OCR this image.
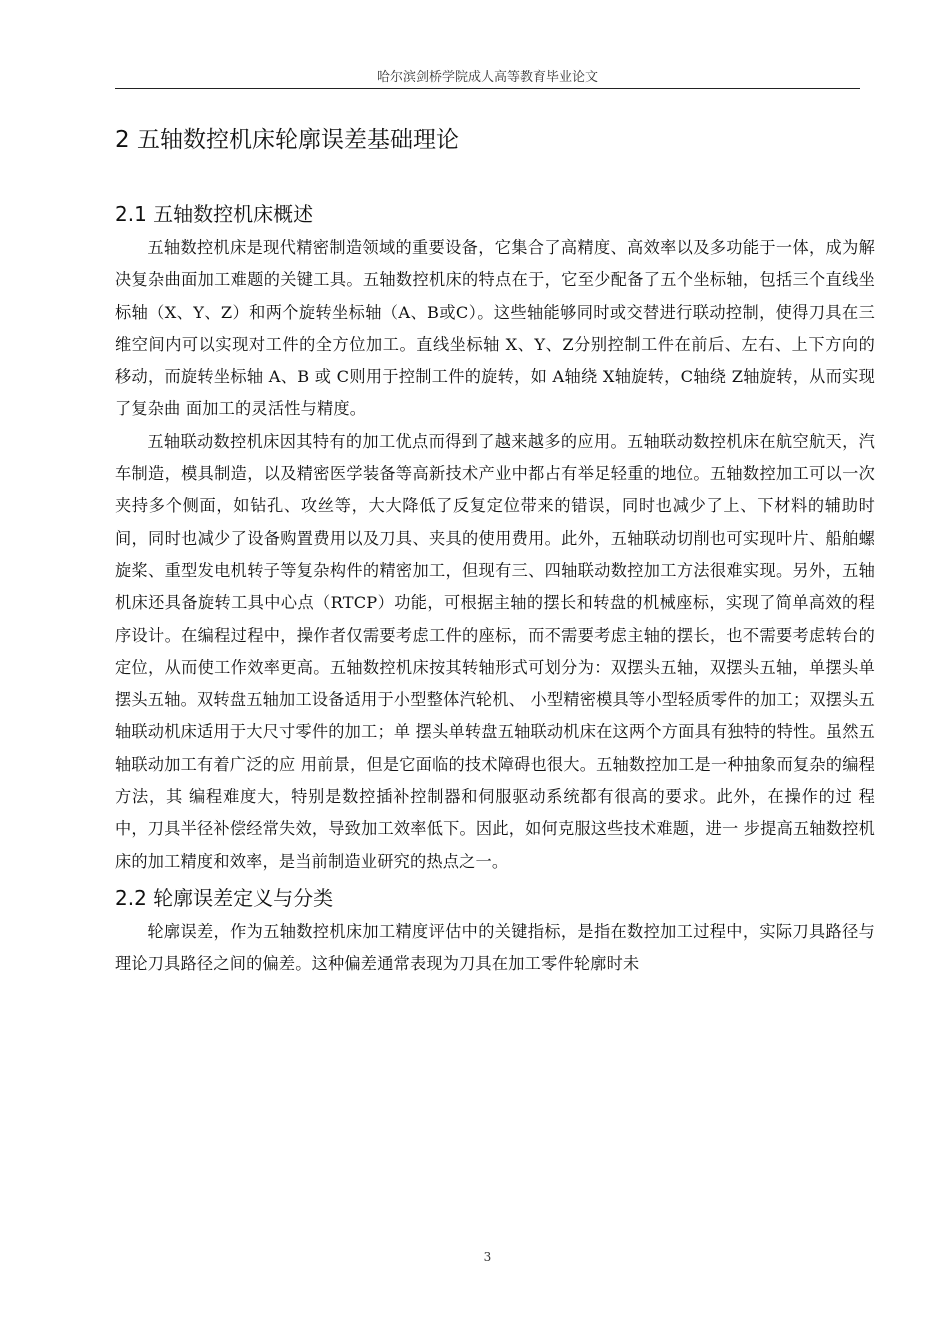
哈尔滨剑桥学院成人高等教育毕业论文
2 五轴数控机床轮廓误差基础理论
2.1 五轴数控机床概述

五轴数控机床是现代精密制造领域的重要设备，它集合了高精度、高效率以及多功能于一体，成为解决复杂曲面加工难题的关键工具。五轴数控机床的特点在于，它至少配备了五个坐标轴，包括三个直线坐标轴（X、Y、Z）和两个旋转坐标轴（A、B或C）。这些轴能够同时或交替进行联动控制，使得刀具在三维空间内可以实现对工件的全方位加工。直线坐标轴 X、Y、Z分别控制工件在前后、左右、上下方向的移动，而旋转坐标轴 A、B 或 C则用于控制工件的旋转，如 A轴绕 X轴旋转，C轴绕 Z轴旋转，从而实现了复杂曲 面加工的灵活性与精度。

五轴联动数控机床因其特有的加工优点而得到了越来越多的应用。五轴联动数控机床在航空航天，汽车制造，模具制造，以及精密医学装备等高新技术产业中都占有举足轻重的地位。五轴数控加工可以一次夹持多个侧面，如钻孔、攻丝等，大大降低了反复定位带来的错误，同时也减少了上、下材料的辅助时间，同时也减少了设备购置费用以及刀具、夹具的使用费用。此外，五轴联动切削也可实现叶片、船舶螺旋桨、重型发电机转子等复杂构件的精密加工，但现有三、四轴联动数控加工方法很难实现。另外，五轴机床还具备旋转工具中心点（RTCP）功能，可根据主轴的摆长和转盘的机械座标，实现了简单高效的程序设计。在编程过程中，操作者仅需要考虑工件的座标，而不需要考虑主轴的摆长，也不需要考虑转台的定位，从而使工作效率更高。五轴数控机床按其转轴形式可划分为：双摆头五轴，双摆头五轴，单摆头单摆头五轴。双转盘五轴加工设备适用于小型整体汽轮机、 小型精密模具等小型轻质零件的加工；双摆头五轴联动机床适用于大尺寸零件的加工；单 摆头单转盘五轴联动机床在这两个方面具有独特的特性。虽然五轴联动加工有着广泛的应 用前景，但是它面临的技术障碍也很大。五轴数控加工是一种抽象而复杂的编程方法，其 编程难度大，特别是数控插补控制器和伺服驱动系统都有很高的要求。此外，在操作的过 程中，刀具半径补偿经常失效，导致加工效率低下。因此，如何克服这些技术难题，进一 步提高五轴数控机床的加工精度和效率，是当前制造业研究的热点之一。

2.2 轮廓误差定义与分类

轮廓误差，作为五轴数控机床加工精度评估中的关键指标，是指在数控加工过程中，实际刀具路径与理论刀具路径之间的偏差。这种偏差通常表现为刀具在加工零件轮廓时未

3
